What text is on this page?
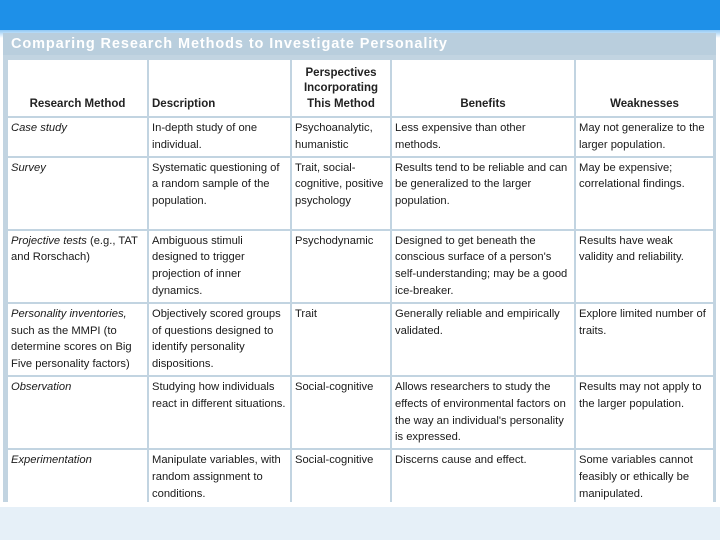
Comparing Research Methods to Investigate Personality
Research Method	Description	Perspectives Incorporating This Method	Benefits	Weaknesses
Case study	In-depth study of one individual.	Psychoanalytic, humanistic	Less expensive than other methods.	May not generalize to the larger population.
Survey	Systematic questioning of a random sample of the population.	Trait, social-cognitive, positive psychology	Results tend to be reliable and can be generalized to the larger population.	May be expensive; correlational findings.
Projective tests (e.g., TAT and Rorschach)	Ambiguous stimuli designed to trigger projection of inner dynamics.	Psychodynamic	Designed to get beneath the conscious surface of a person's self-understanding; may be a good ice-breaker.	Results have weak validity and reliability.
Personality inventories, such as the MMPI (to determine scores on Big Five personality factors)	Objectively scored groups of questions designed to identify personality dispositions.	Trait	Generally reliable and empirically validated.	Explore limited number of traits.
Observation	Studying how individuals react in different situations.	Social-cognitive	Allows researchers to study the effects of environmental factors on the way an individual's personality is expressed.	Results may not apply to the larger population.
Experimentation	Manipulate variables, with random assignment to conditions.	Social-cognitive	Discerns cause and effect.	Some variables cannot feasibly or ethically be manipulated.
